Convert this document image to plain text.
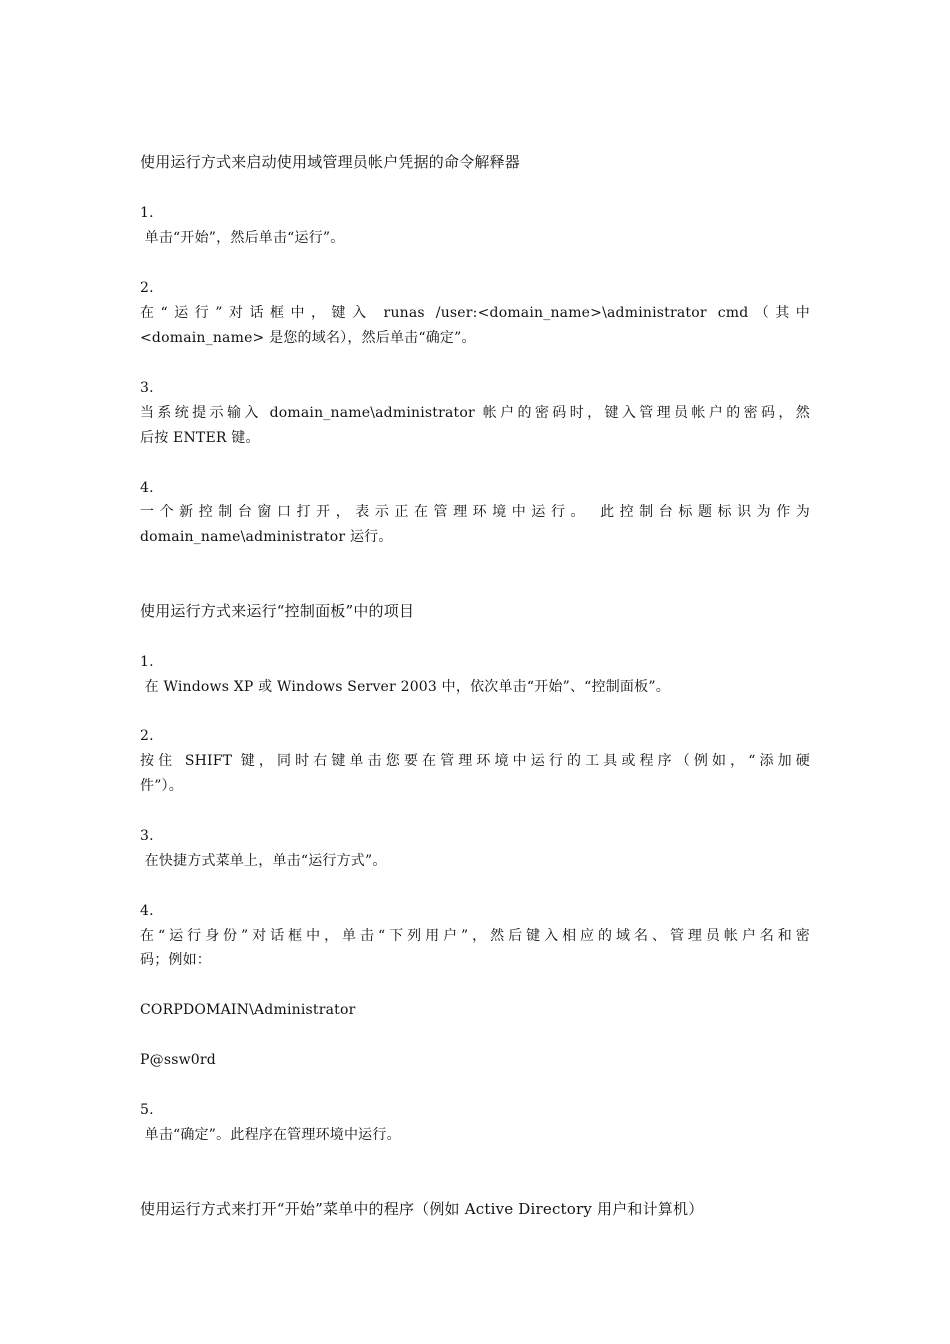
使用运行方式来启动使用域管理员帐户凭据的命令解释器
1.
单击“开始”，然后单击“运行”。
2.
在“运行”对话框中，键入 runas /user:<domain_name>\administrator cmd（其中
<domain_name> 是您的域名），然后单击“确定”。
3.
当系统提示输入 domain_name\administrator 帐户的密码时，键入管理员帐户的密码，然
后按 ENTER 键。
4.
一个新控制台窗口打开，表示正在管理环境中运行。 此控制台标题标识为作为
domain_name\administrator 运行。
使用运行方式来运行“控制面板”中的项目
1.
在 Windows XP 或 Windows Server 2003 中，依次单击“开始”、“控制面板”。
2.
按住 SHIFT 键，同时右键单击您要在管理环境中运行的工具或程序（例如，“添加硬
件”）。
3.
在快捷方式菜单上，单击“运行方式”。
4.
在“运行身份”对话框中，单击“下列用户”，然后键入相应的域名、管理员帐户名和密
码；例如：
CORPDOMAIN\Administrator
P@ssw0rd
5.
单击“确定”。此程序在管理环境中运行。
使用运行方式来打开“开始”菜单中的程序（例如 Active Directory 用户和计算机）
